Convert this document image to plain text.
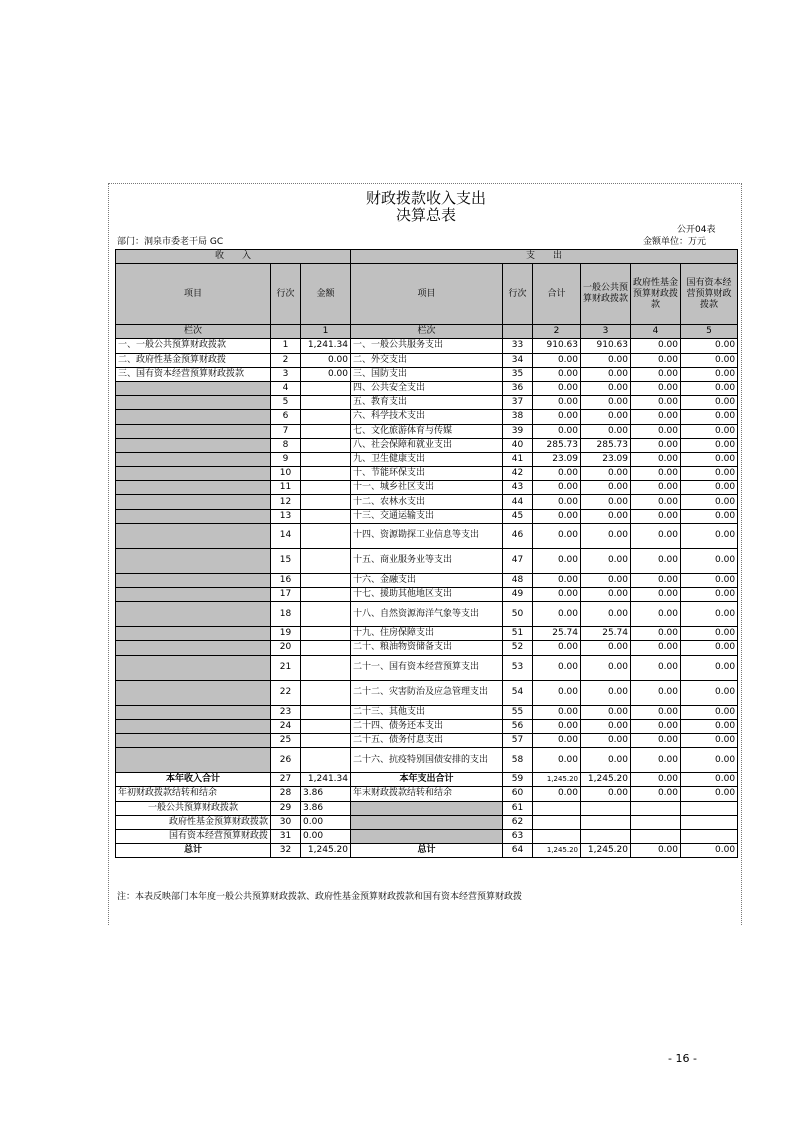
财政拨款收入支出
决算总表
公开04表
部门：洞泉市委老干局 GC	金额单位：万元
收　　入			支　　出					
项目	行次	金额	项目	行次	合计	一般公共预算财政拨款	政府性基金预算财政拨款	国有资本经营预算财政拨款
栏次		1	栏次		2	3	4	5
一、一般公共预算财政拨款	1	1,241.34	一、一般公共服务支出	33	910.63	910.63	0.00	0.00
二、政府性基金预算财政拨	2	0.00	二、外交支出	34	0.00	0.00	0.00	0.00
三、国有资本经营预算财政拨款	3	0.00	三、国防支出	35	0.00	0.00	0.00	0.00
	4		四、公共安全支出	36	0.00	0.00	0.00	0.00
	5		五、教育支出	37	0.00	0.00	0.00	0.00
	6		六、科学技术支出	38	0.00	0.00	0.00	0.00
	7		七、文化旅游体育与传媒	39	0.00	0.00	0.00	0.00
	8		八、社会保障和就业支出	40	285.73	285.73	0.00	0.00
	9		九、卫生健康支出	41	23.09	23.09	0.00	0.00
	10		十、节能环保支出	42	0.00	0.00	0.00	0.00
	11		十一、城乡社区支出	43	0.00	0.00	0.00	0.00
	12		十二、农林水支出	44	0.00	0.00	0.00	0.00
	13		十三、交通运输支出	45	0.00	0.00	0.00	0.00
	14		十四、资源勘探工业信息等支出	46	0.00	0.00	0.00	0.00
	15		十五、商业服务业等支出	47	0.00	0.00	0.00	0.00
	16		十六、金融支出	48	0.00	0.00	0.00	0.00
	17		十七、援助其他地区支出	49	0.00	0.00	0.00	0.00
	18		十八、自然资源海洋气象等支出	50	0.00	0.00	0.00	0.00
	19		十九、住房保障支出	51	25.74	25.74	0.00	0.00
	20		二十、粮油物资储备支出	52	0.00	0.00	0.00	0.00
	21		二十一、国有资本经营预算支出	53	0.00	0.00	0.00	0.00
	22		二十二、灾害防治及应急管理支出	54	0.00	0.00	0.00	0.00
	23		二十三、其他支出	55	0.00	0.00	0.00	0.00
	24		二十四、债务还本支出	56	0.00	0.00	0.00	0.00
	25		二十五、债务付息支出	57	0.00	0.00	0.00	0.00
	26		二十六、抗疫特别国债安排的支出	58	0.00	0.00	0.00	0.00
本年收入合计	27	1,241.34	本年支出合计	59	1,245.20	1,245.20	0.00	0.00
年初财政拨款结转和结余	28	3.86	年末财政拨款结转和结余	60	0.00	0.00	0.00	0.00
一般公共预算财政拨款	29	3.86		61				
政府性基金预算财政拨款	30	0.00		62				
国有资本经营预算财政拨	31	0.00		63				
总计	32	1,245.20	总计	64	1,245.20	1,245.20	0.00	0.00
注：本表反映部门本年度一般公共预算财政拨款、政府性基金预算财政拨款和国有资本经营预算财政拨
- 16 -
